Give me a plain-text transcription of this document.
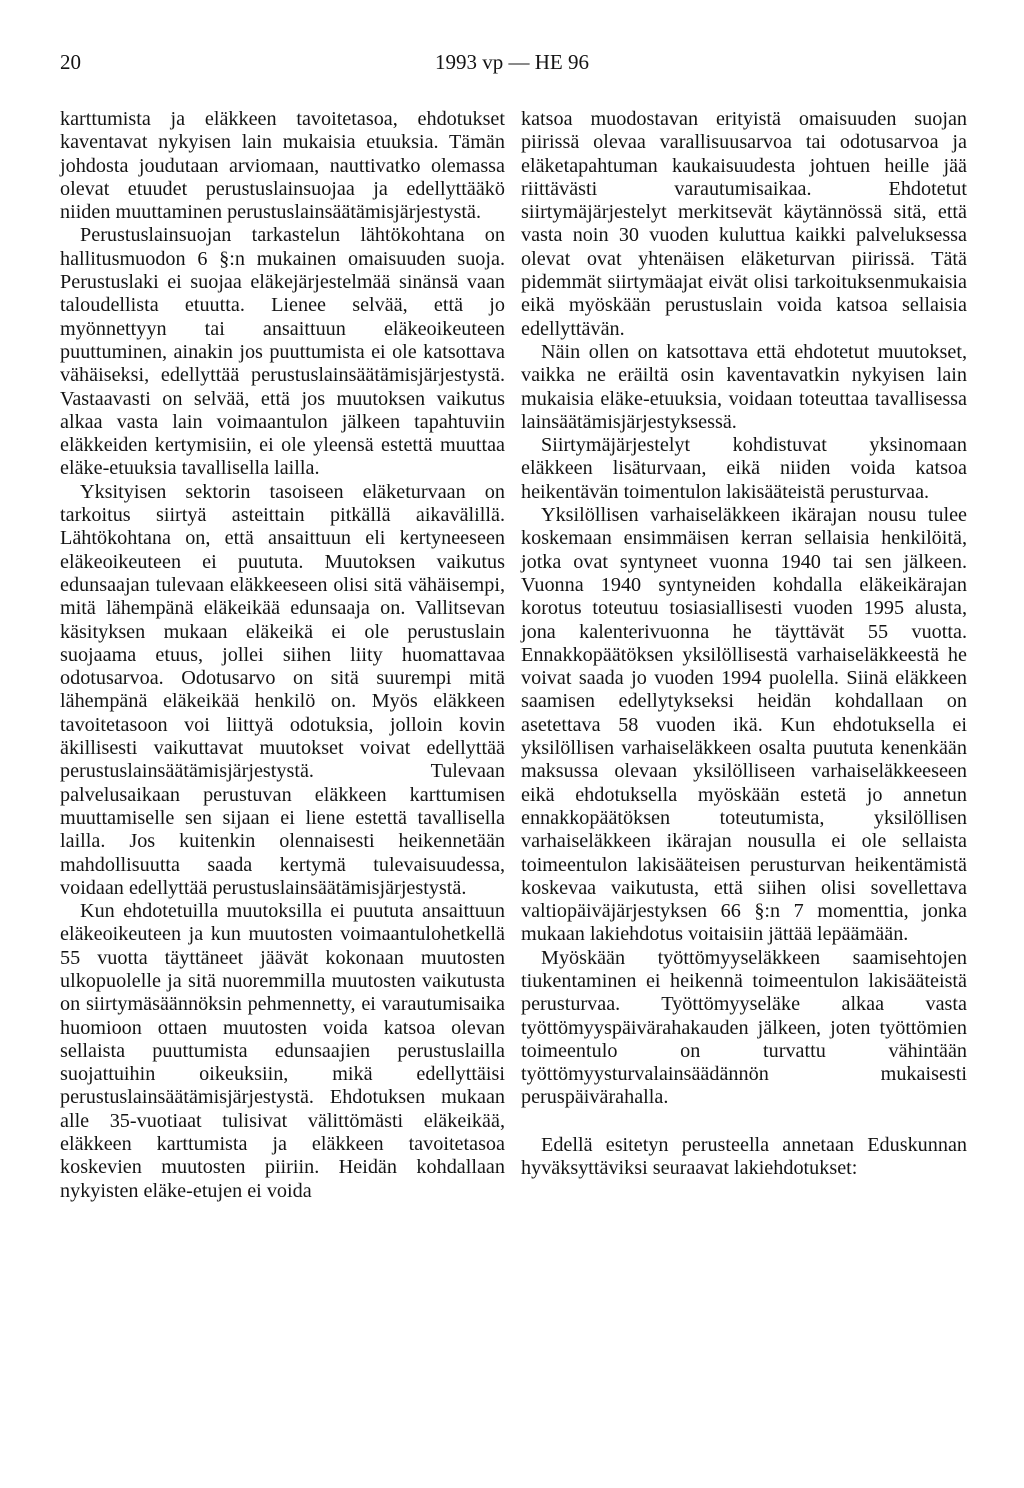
20	1993 vp — HE 96

karttumista ja eläkkeen tavoitetasoa, ehdotukset kaventavat nykyisen lain mukaisia etuuksia. Tämän johdosta joudutaan arviomaan, nauttivatko olemassa olevat etuudet perustuslainsuojaa ja edellyttääkö niiden muuttaminen perustuslainsäätämisjärjestystä.

Perustuslainsuojan tarkastelun lähtökohtana on hallitusmuodon 6 §:n mukainen omaisuuden suoja. Perustuslaki ei suojaa eläkejärjestelmää sinänsä vaan taloudellista etuutta. Lienee selvää, että jo myönnettyyn tai ansaittuun eläkeoikeuteen puuttuminen, ainakin jos puuttumista ei ole katsottava vähäiseksi, edellyttää perustuslainsäätämisjärjestystä. Vastaavasti on selvää, että jos muutoksen vaikutus alkaa vasta lain voimaantulon jälkeen tapahtuviin eläkkeiden kertymisiin, ei ole yleensä estettä muuttaa eläke-etuuksia tavallisella lailla.

Yksityisen sektorin tasoiseen eläketurvaan on tarkoitus siirtyä asteittain pitkällä aikavälillä. Lähtökohtana on, että ansaittuun eli kertyneeseen eläkeoikeuteen ei puututa. Muutoksen vaikutus edunsaajan tulevaan eläkkeeseen olisi sitä vähäisempi, mitä lähempänä eläkeikää edunsaaja on. Vallitsevan käsityksen mukaan eläkeikä ei ole perustuslain suojaama etuus, jollei siihen liity huomattavaa odotusarvoa. Odotusarvo on sitä suurempi mitä lähempänä eläkeikää henkilö on. Myös eläkkeen tavoitetasoon voi liittyä odotuksia, jolloin kovin äkillisesti vaikuttavat muutokset voivat edellyttää perustuslainsäätämisjärjestystä. Tulevaan palvelusaikaan perustuvan eläkkeen karttumisen muuttamiselle sen sijaan ei liene estettä tavallisella lailla. Jos kuitenkin olennaisesti heikennetään mahdollisuutta saada kertymä tulevaisuudessa, voidaan edellyttää perustuslainsäätämisjärjestystä.

Kun ehdotetuilla muutoksilla ei puututa ansaittuun eläkeoikeuteen ja kun muutosten voimaantulohetkellä 55 vuotta täyttäneet jäävät kokonaan muutosten ulkopuolelle ja sitä nuoremmilla muutosten vaikutusta on siirtymäsäännöksin pehmennetty, ei varautumisaika huomioon ottaen muutosten voida katsoa olevan sellaista puuttumista edunsaajien perustuslailla suojattuihin oikeuksiin, mikä edellyttäisi perustuslainsäätämisjärjestystä. Ehdotuksen mukaan alle 35-vuotiaat tulisivat välittömästi eläkeikää, eläkkeen karttumista ja eläkkeen tavoitetasoa koskevien muutosten piiriin. Heidän kohdallaan nykyisten eläke-etujen ei voida

katsoa muodostavan erityistä omaisuuden suojan piirissä olevaa varallisuusarvoa tai odotusarvoa ja eläketapahtuman kaukaisuudesta johtuen heille jää riittävästi varautumisaikaa. Ehdotetut siirtymäjärjestelyt merkitsevät käytännössä sitä, että vasta noin 30 vuoden kuluttua kaikki palveluksessa olevat ovat yhtenäisen eläketurvan piirissä. Tätä pidemmät siirtymäajat eivät olisi tarkoituksenmukaisia eikä myöskään perustuslain voida katsoa sellaisia edellyttävän.

Näin ollen on katsottava että ehdotetut muutokset, vaikka ne eräiltä osin kaventavatkin nykyisen lain mukaisia eläke-etuuksia, voidaan toteuttaa tavallisessa lainsäätämisjärjestyksessä.

Siirtymäjärjestelyt kohdistuvat yksinomaan eläkkeen lisäturvaan, eikä niiden voida katsoa heikentävän toimentulon lakisääteistä perusturvaa.

Yksilöllisen varhaiseläkkeen ikärajan nousu tulee koskemaan ensimmäisen kerran sellaisia henkilöitä, jotka ovat syntyneet vuonna 1940 tai sen jälkeen. Vuonna 1940 syntyneiden kohdalla eläkeikärajan korotus toteutuu tosiasiallisesti vuoden 1995 alusta, jona kalenterivuonna he täyttävät 55 vuotta. Ennakkopäätöksen yksilöllisestä varhaiseläkkeestä he voivat saada jo vuoden 1994 puolella. Siinä eläkkeen saamisen edellytykseksi heidän kohdallaan on asetettava 58 vuoden ikä. Kun ehdotuksella ei yksilöllisen varhaiseläkkeen osalta puututa kenenkään maksussa olevaan yksilölliseen varhaiseläkkeeseen eikä ehdotuksella myöskään estetä jo annetun ennakkopäätöksen toteutumista, yksilöllisen varhaiseläkkeen ikärajan nousulla ei ole sellaista toimeentulon lakisääteisen perusturvan heikentämistä koskevaa vaikutusta, että siihen olisi sovellettava valtiopäiväjärjestyksen 66 §:n 7 momenttia, jonka mukaan lakiehdotus voitaisiin jättää lepäämään.

Myöskään työttömyyseläkkeen saamisehtojen tiukentaminen ei heikennä toimeentulon lakisääteistä perusturvaa. Työttömyyseläke alkaa vasta työttömyyspäivärahakauden jälkeen, joten työttömien toimeentulo on turvattu vähintään työttömyysturvalainsäädännön mukaisesti peruspäivärahalla.

Edellä esitetyn perusteella annetaan Eduskunnan hyväksyttäviksi seuraavat lakiehdotukset:
